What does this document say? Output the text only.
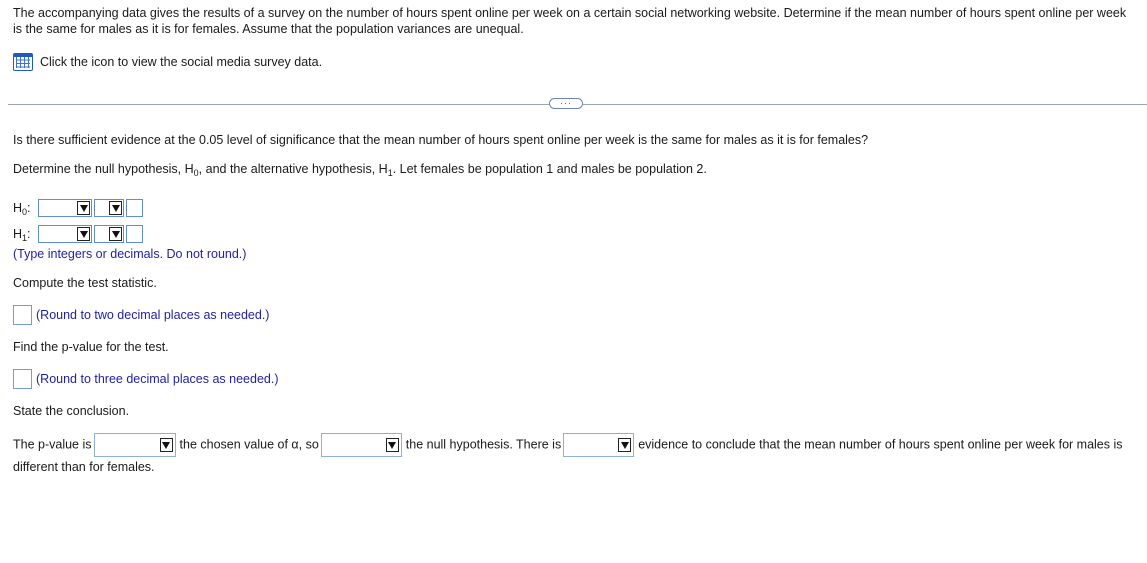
The accompanying data gives the results of a survey on the number of hours spent online per week on a certain social networking website. Determine if the mean number of hours spent online per week is the same for males as it is for females. Assume that the population variances are unequal.
Click the icon to view the social media survey data.
···
Is there sufficient evidence at the 0.05 level of significance that the mean number of hours spent online per week is the same for males as it is for females?
Determine the null hypothesis, $H_0$, and the alternative hypothesis, $H_1$. Let females be population 1 and males be population 2.
$H_0$:
$H_1$:
(Type integers or decimals. Do not round.)
Compute the test statistic.
(Round to two decimal places as needed.)
Find the p-value for the test.
(Round to three decimal places as needed.)
State the conclusion.
The p-value is	the chosen value of α, so	the null hypothesis. There is	evidence to conclude that the mean number of hours spent online per week for males is different than for females.
